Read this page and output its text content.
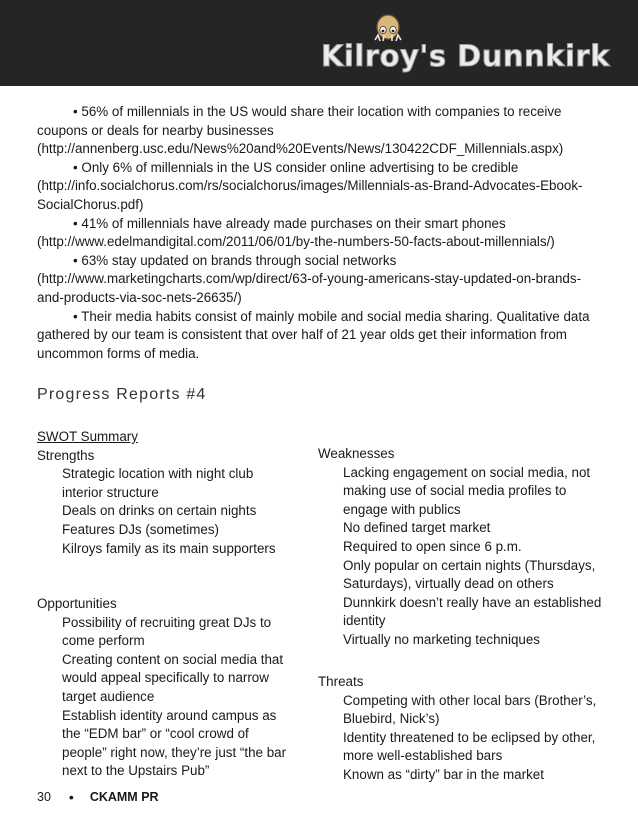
Kilroy's Dunnkirk

• 56% of millennials in the US would share their location with companies to receive coupons or deals for nearby businesses (http://annenberg.usc.edu/News%20and%20Events/News/130422CDF_Millennials.aspx)

• Only 6% of millennials in the US consider online advertising to be credible (http://info.socialchorus.com/rs/socialchorus/images/Millennials-as-Brand-Advocates-Ebook-SocialChorus.pdf)

• 41% of millennials have already made purchases on their smart phones (http://www.edelmandigital.com/2011/06/01/by-the-numbers-50-facts-about-millennials/)

• 63% stay updated on brands through social networks (http://www.marketingcharts.com/wp/direct/63-of-young-americans-stay-updated-on-brands-and-products-via-soc-nets-26635/)

• Their media habits consist of mainly mobile and social media sharing. Qualitative data gathered by our team is consistent that over half of 21 year olds get their information from uncommon forms of media.

Progress Reports #4

SWOT Summary

Strengths

Strategic location with night club interior structure

Deals on drinks on certain nights

Features DJs (sometimes)

Kilroys family as its main supporters

Opportunities

Possibility of recruiting great DJs to come perform

Creating content on social media that would appeal specifically to narrow target audience

Establish identity around campus as the “EDM bar” or “cool crowd of people” right now, they’re just “the bar next to the Upstairs Pub”

Weaknesses

Lacking engagement on social media, not making use of social media profiles to engage with publics

No defined target market

Required to open since 6 p.m.

Only popular on certain nights (Thursdays, Saturdays), virtually dead on others

Dunnkirk doesn’t really have an established identity

Virtually no marketing techniques

Threats

Competing with other local bars (Brother’s, Bluebird, Nick’s)

Identity threatened to be eclipsed by other, more well-established bars

Known as “dirty” bar in the market

30 • CKAMM PR
